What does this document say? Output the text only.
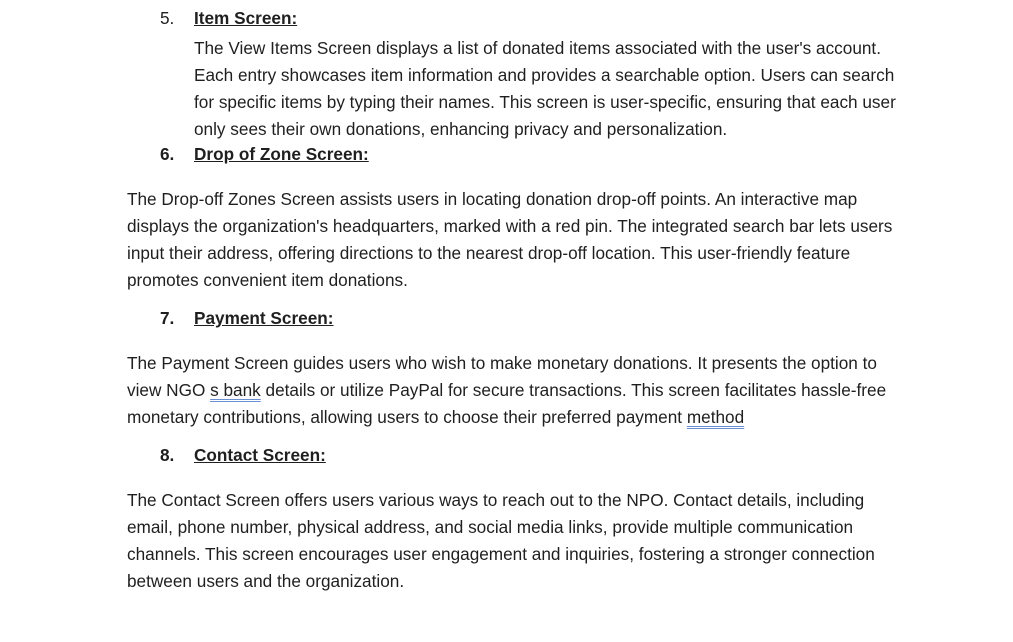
5. Item Screen:
The View Items Screen displays a list of donated items associated with the user's account.
Each entry showcases item information and provides a searchable option. Users can search
for specific items by typing their names. This screen is user-specific, ensuring that each user
only sees their own donations, enhancing privacy and personalization.
6. Drop of Zone Screen:
The Drop-off Zones Screen assists users in locating donation drop-off points. An interactive map
displays the organization's headquarters, marked with a red pin. The integrated search bar lets users
input their address, offering directions to the nearest drop-off location. This user-friendly feature
promotes convenient item donations.
7. Payment Screen:
The Payment Screen guides users who wish to make monetary donations. It presents the option to
view NGO s bank details or utilize PayPal for secure transactions. This screen facilitates hassle-free
monetary contributions, allowing users to choose their preferred payment method
8. Contact Screen:
The Contact Screen offers users various ways to reach out to the NPO. Contact details, including
email, phone number, physical address, and social media links, provide multiple communication
channels. This screen encourages user engagement and inquiries, fostering a stronger connection
between users and the organization.
